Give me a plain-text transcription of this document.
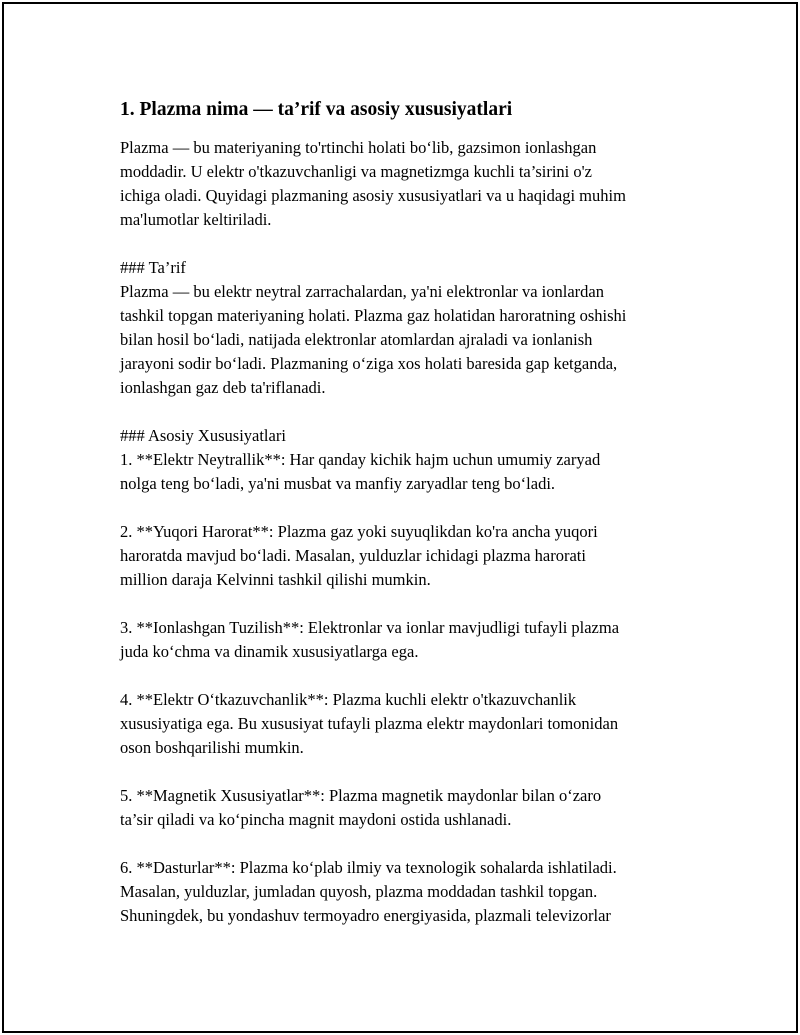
1. Plazma nima — ta’rif va asosiy xususiyatlari

Plazma — bu materiyaning to'rtinchi holati bo‘lib, gazsimon ionlashgan
moddadir. U elektr o'tkazuvchanligi va magnetizmga kuchli ta’sirini o'z
ichiga oladi. Quyidagi plazmaning asosiy xususiyatlari va u haqidagi muhim
ma'lumotlar keltiriladi.

### Ta’rif
Plazma — bu elektr neytral zarrachalardan, ya'ni elektronlar va ionlardan
tashkil topgan materiyaning holati. Plazma gaz holatidan haroratning oshishi
bilan hosil bo‘ladi, natijada elektronlar atomlardan ajraladi va ionlanish
jarayoni sodir bo‘ladi. Plazmaning o‘ziga xos holati baresida gap ketganda,
ionlashgan gaz deb ta'riflanadi.

### Asosiy Xususiyatlari

1. **Elektr Neytrallik**: Har qanday kichik hajm uchun umumiy zaryad
nolga teng bo‘ladi, ya'ni musbat va manfiy zaryadlar teng bo‘ladi.

2. **Yuqori Harorat**: Plazma gaz yoki suyuqlikdan ko'ra ancha yuqori
haroratda mavjud bo‘ladi. Masalan, yulduzlar ichidagi plazma harorati
million daraja Kelvinni tashkil qilishi mumkin.

3. **Ionlashgan Tuzilish**: Elektronlar va ionlar mavjudligi tufayli plazma
juda ko‘chma va dinamik xususiyatlarga ega.

4. **Elektr O‘tkazuvchanlik**: Plazma kuchli elektr o'tkazuvchanlik
xususiyatiga ega. Bu xususiyat tufayli plazma elektr maydonlari tomonidan
oson boshqarilishi mumkin.

5. **Magnetik Xususiyatlar**: Plazma magnetik maydonlar bilan o‘zaro
ta’sir qiladi va ko‘pincha magnit maydoni ostida ushlanadi.

6. **Dasturlar**: Plazma ko‘plab ilmiy va texnologik sohalarda ishlatiladi.
Masalan, yulduzlar, jumladan quyosh, plazma moddadan tashkil topgan.
Shuningdek, bu yondashuv termoyadro energiyasida, plazmali televizorlar
